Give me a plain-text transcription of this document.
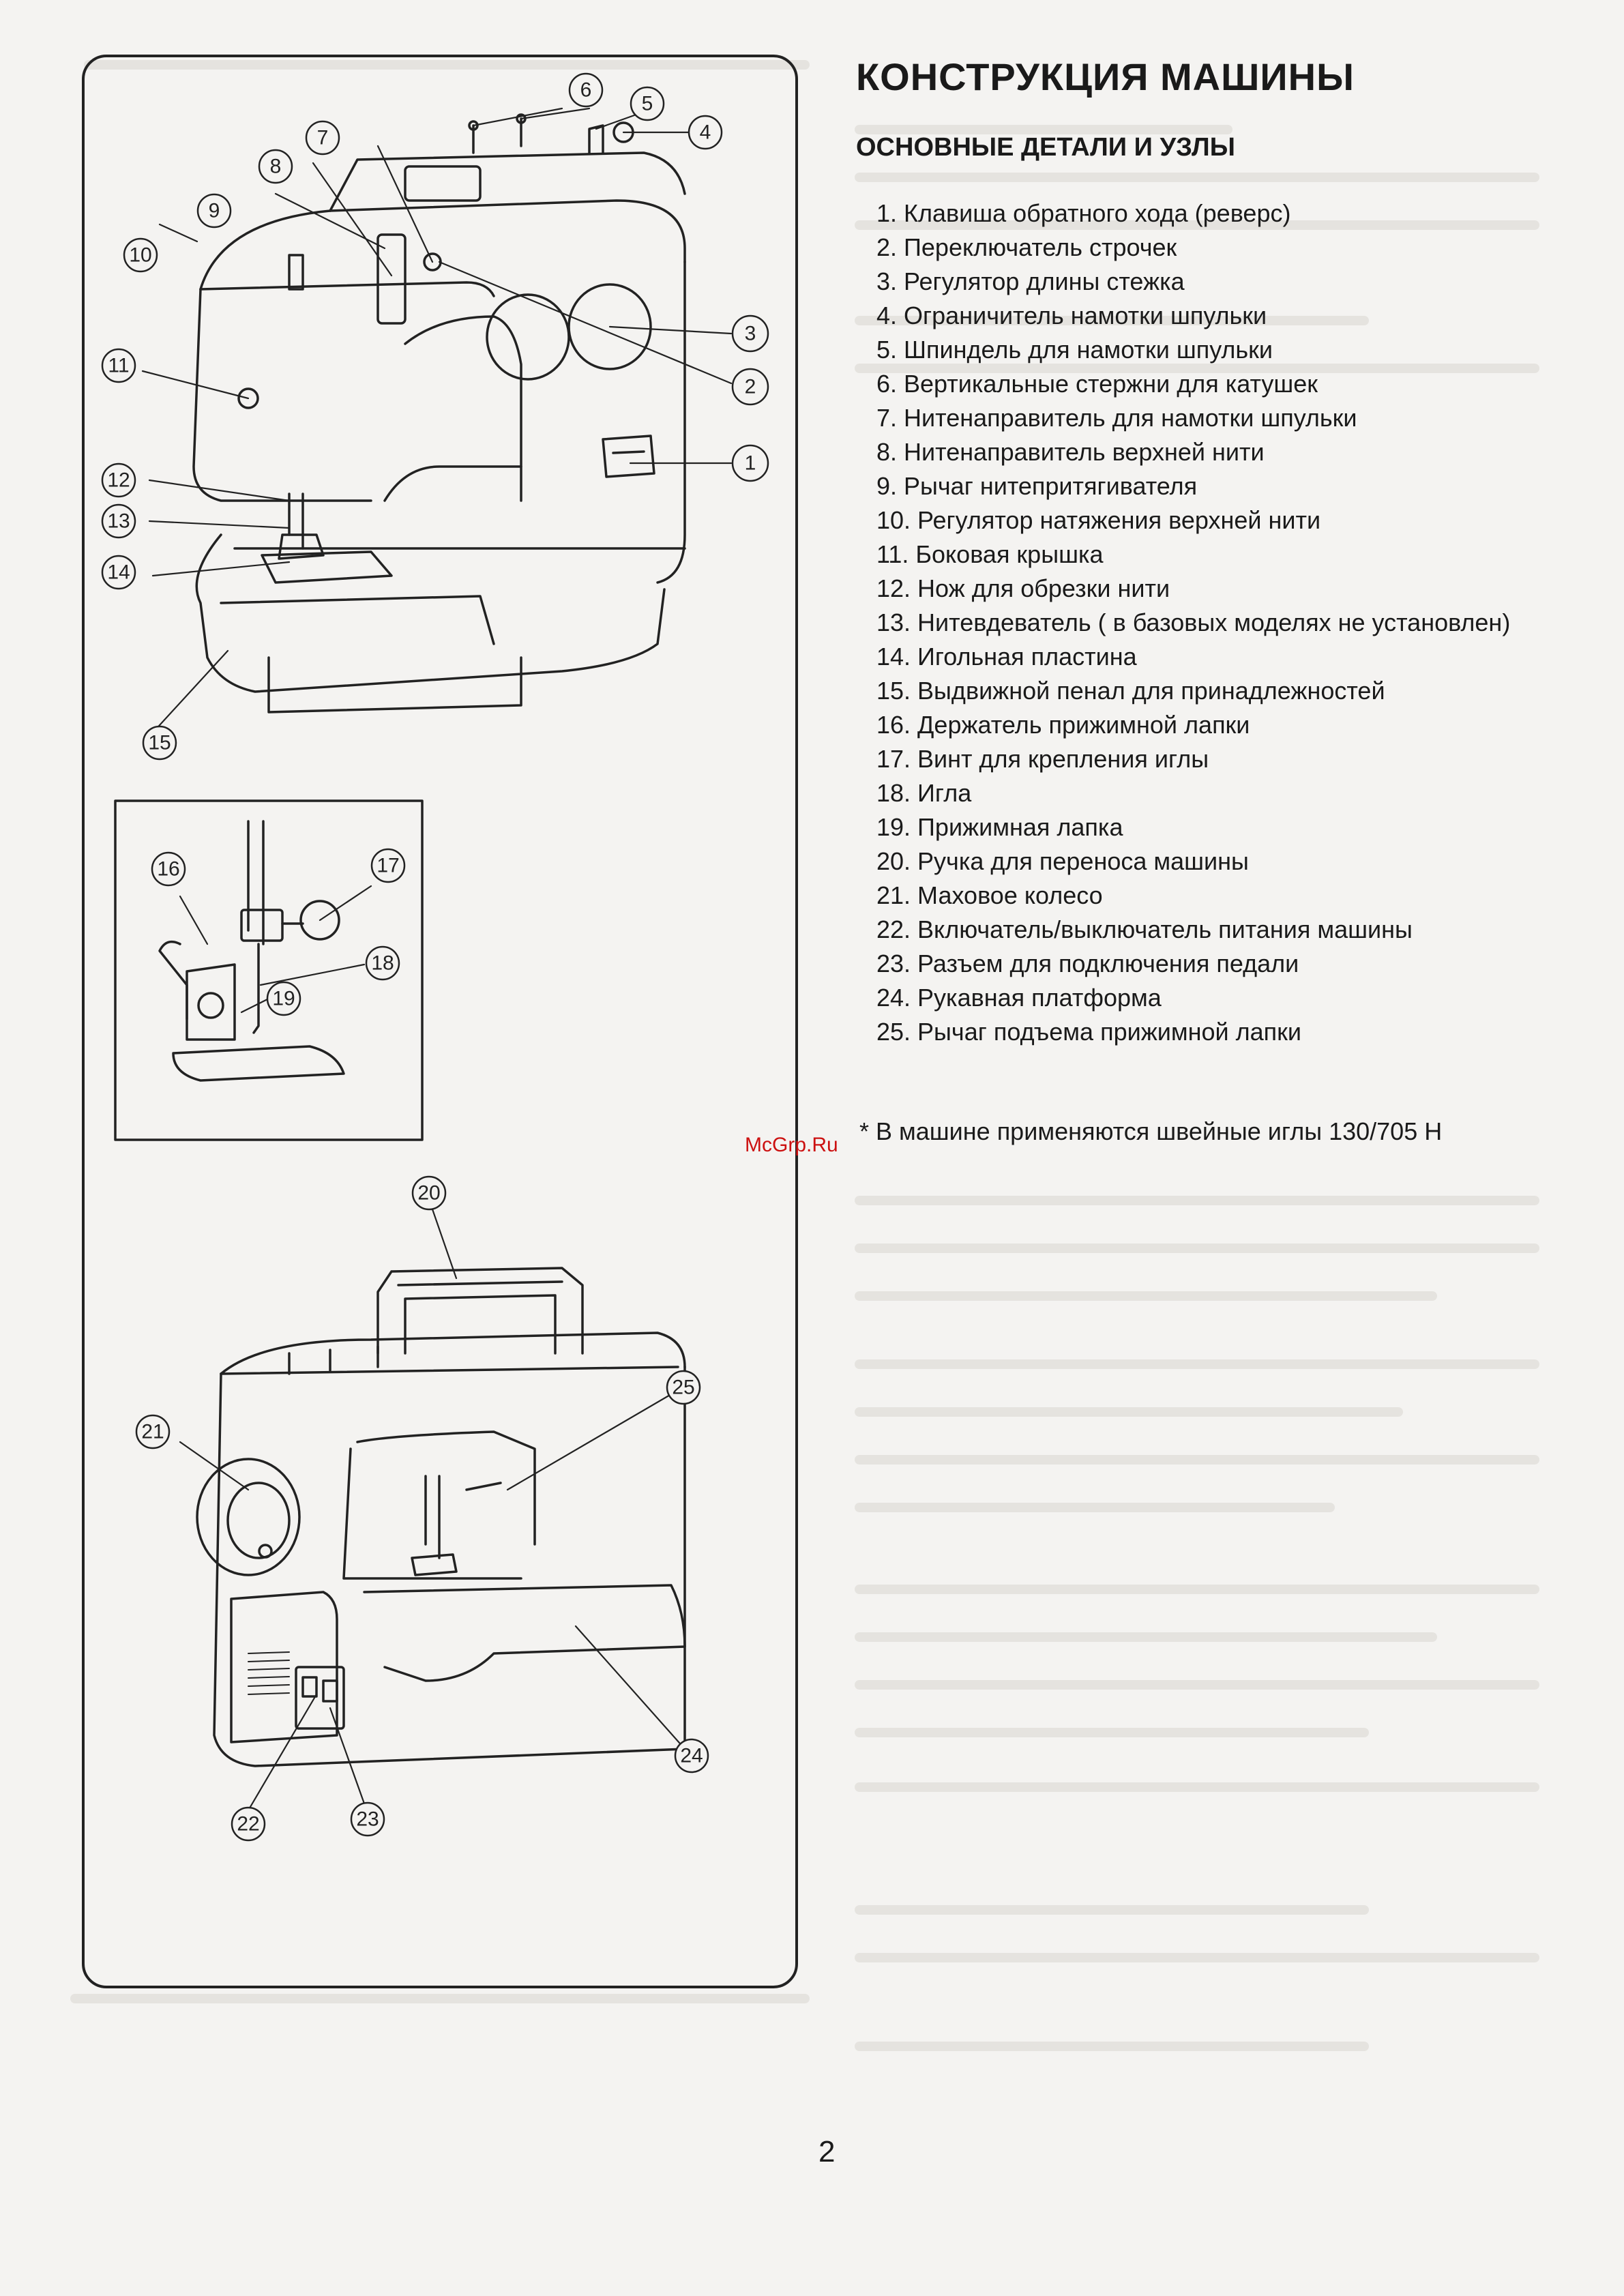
1
2
3
4
5
6
7
8
9
10
11
12
13
14
15
16	17
18
19
20
21
22	23
24
25
КОНСТРУКЦИЯ МАШИНЫ
ОСНОВНЫЕ ДЕТАЛИ И УЗЛЫ
1. Клавиша обратного хода (реверс)
2. Переключатель строчек
3. Регулятор длины стежка
4. Ограничитель намотки шпульки
5. Шпиндель для намотки шпульки
6. Вертикальные стержни для катушек
7. Нитенаправитель для намотки шпульки
8. Нитенаправитель верхней нити
9. Рычаг нитепритягивателя
10. Регулятор натяжения верхней нити
11. Боковая крышка
12. Нож для обрезки нити
13. Нитевдеватель ( в базовых моделях не установлен)
14. Игольная пластина
15. Выдвижной пенал для принадлежностей
16. Держатель прижимной лапки
17. Винт для крепления иглы
18. Игла
19. Прижимная лапка
20. Ручка для переноса машины
21. Маховое колесо
22. Включатель/выключатель питания машины
23. Разъем для подключения педали
24. Рукавная платформа
25. Рычаг подъема прижимной лапки
* В машине применяются швейные иглы 130/705 H
McGrp.Ru
2
